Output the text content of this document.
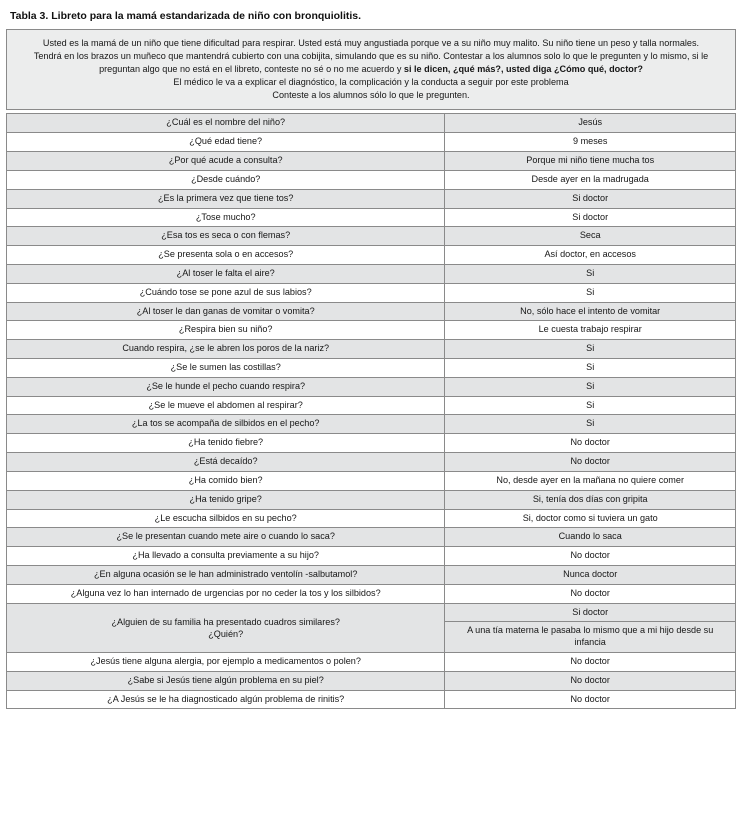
Tabla 3. Libreto para la mamá estandarizada de niño con bronquiolitis.

Usted es la mamá de un niño que tiene dificultad para respirar. Usted está muy angustiada porque ve a su niño muy malito. Su niño tiene un peso y talla normales.

Tendrá en los brazos un muñeco que mantendrá cubierto con una cobijita, simulando que es su niño. Contestar a los alumnos solo lo que le pregunten y lo mismo, si le preguntan algo que no está en el libreto, conteste no sé o no me acuerdo y si le dicen, ¿qué más?, usted diga ¿Cómo qué, doctor?

El médico le va a explicar el diagnóstico, la complicación y la conducta a seguir por este problema

Conteste a los alumnos sólo lo que le pregunten.

¿Cuál es el nombre del niño?	Jesús
¿Qué edad tiene?	9 meses
¿Por qué acude a consulta?	Porque mi niño tiene mucha tos
¿Desde cuándo?	Desde ayer en la madrugada
¿Es la primera vez que tiene tos?	Si doctor
¿Tose mucho?	Si doctor
¿Esa tos es seca o con flemas?	Seca
¿Se presenta sola o en accesos?	Así doctor, en accesos
¿Al toser le falta el aire?	Si
¿Cuándo tose se pone azul de sus labios?	Si
¿Al toser le dan ganas de vomitar o vomita?	No, sólo hace el intento de vomitar
¿Respira bien su niño?	Le cuesta trabajo respirar
Cuando respira, ¿se le abren los poros de la nariz?	Si
¿Se le sumen las costillas?	Si
¿Se le hunde el pecho cuando respira?	Si
¿Se le mueve el abdomen al respirar?	Si
¿La tos se acompaña de silbidos en el pecho?	Si
¿Ha tenido fiebre?	No doctor
¿Está decaído?	No doctor
¿Ha comido bien?	No, desde ayer en la mañana no quiere comer
¿Ha tenido gripe?	Si, tenía dos días con gripita
¿Le escucha silbidos en su pecho?	Si, doctor como si tuviera un gato
¿Se le presentan cuando mete aire o cuando lo saca?	Cuando lo saca
¿Ha llevado a consulta previamente a su hijo?	No doctor
¿En alguna ocasión se le han administrado ventolín -salbutamol?	Nunca doctor
¿Alguna vez lo han internado de urgencias por no ceder la tos y los silbidos?	No doctor
¿Alguien de su familia ha presentado cuadros similares?
¿Quién?	Si doctor
	A una tía materna le pasaba lo mismo que a mi hijo desde su infancia
¿Jesús tiene alguna alergia, por ejemplo a medicamentos o polen?	No doctor
¿Sabe si Jesús tiene algún problema en su piel?	No doctor
¿A Jesús se le ha diagnosticado algún problema de rinitis?	No doctor
